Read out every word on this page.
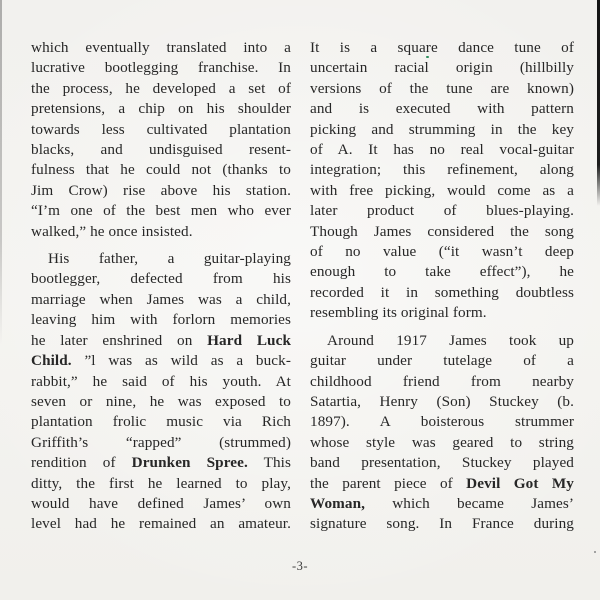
which eventually translated into a
lucrative bootlegging franchise. In
the process, he developed a set of
pretensions, a chip on his shoulder
towards less cultivated plantation
blacks, and undisguised resent-
fulness that he could not (thanks to
Jim Crow) rise above his station.
“I’m one of the best men who ever
walked,” he once insisted.
His father, a guitar-playing
bootlegger, defected from his
marriage when James was a child,
leaving him with forlorn memories
he later enshrined on Hard Luck
Child. ”l was as wild as a buck-
rabbit,” he said of his youth. At
seven or nine, he was exposed to
plantation frolic music via Rich
Griffith’s “rapped” (strummed)
rendition of Drunken Spree. This
ditty, the first he learned to play,
would have defined James’ own
level had he remained an amateur.
It is a square dance tune of
uncertain racial origin (hillbilly
versions of the tune are known)
and is executed with pattern
picking and strumming in the key
of A. It has no real vocal-guitar
integration; this refinement, along
with free picking, would come as a
later product of blues-playing.
Though James considered the song
of no value (“it wasn’t deep
enough to take effect”), he
recorded it in something doubtless
resembling its original form.
Around 1917 James took up
guitar under tutelage of a
childhood friend from nearby
Satartia, Henry (Son) Stuckey (b.
1897). A boisterous strummer
whose style was geared to string
band presentation, Stuckey played
the parent piece of Devil Got My
Woman, which became James’
signature song. In France during
-3-
